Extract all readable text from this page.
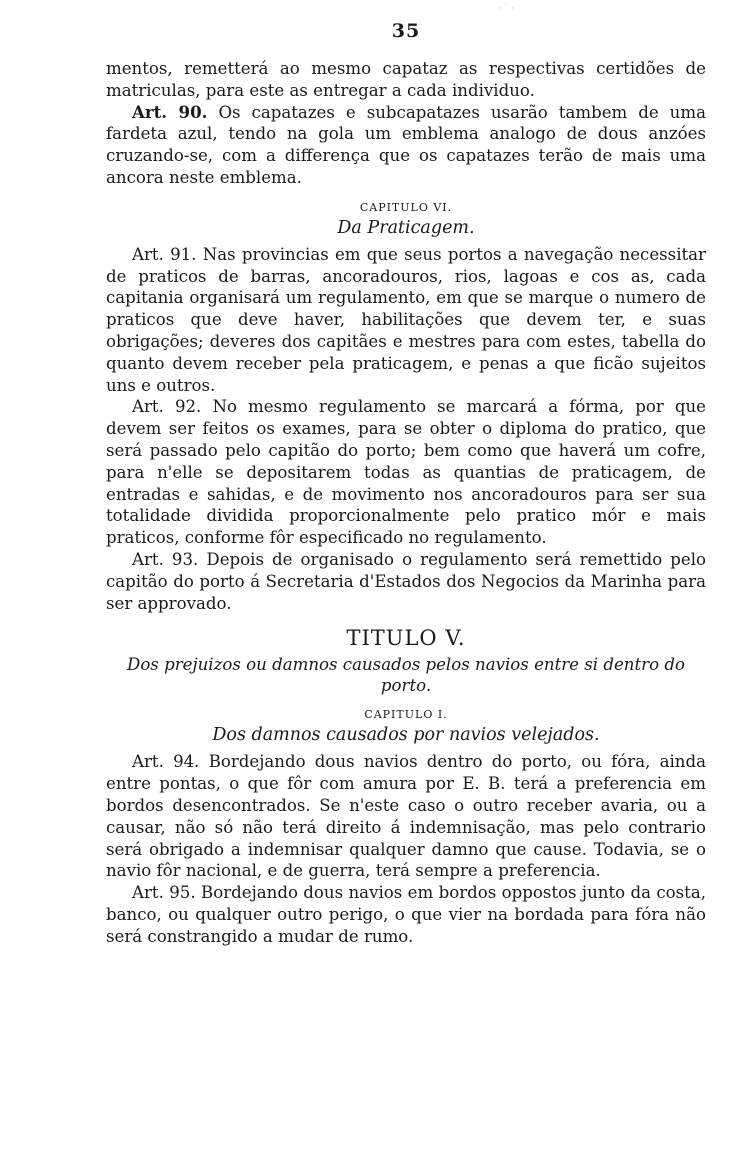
· ˙ ·
35

mentos, remetterá ao mesmo capataz as respectivas certidões de matriculas, para este as entregar a cada individuo.

Art. 90. Os capatazes e subcapatazes usarão tambem de uma fardeta azul, tendo na gola um emblema analogo de dous anzóes cruzando-se, com a differença que os capatazes terão de mais uma ancora neste emblema.

CAPITULO VI.
Da Praticagem.

Art. 91. Nas provincias em que seus portos a navegação necessitar de praticos de barras, ancoradouros, rios, lagoas e cos as, cada capitania organisará um regulamento, em que se marque o numero de praticos que deve haver, habilitações que devem ter, e suas obrigações; deveres dos capitães e mestres para com estes, tabella do quanto devem receber pela praticagem, e penas a que ficão sujeitos uns e outros.

Art. 92. No mesmo regulamento se marcará a fórma, por que devem ser feitos os exames, para se obter o diploma do pratico, que será passado pelo capitão do porto; bem como que haverá um cofre, para n'elle se depositarem todas as quantias de praticagem, de entradas e sahidas, e de movimento nos ancoradouros para ser sua totalidade dividida proporcionalmente pelo pratico mór e mais praticos, conforme fôr especificado no regulamento.

Art. 93. Depois de organisado o regulamento será remettido pelo capitão do porto á Secretaria d'Estados dos Negocios da Marinha para ser approvado.

TITULO V.
Dos prejuizos ou damnos causados pelos navios entre si dentro do porto.
CAPITULO I.
Dos damnos causados por navios velejados.

Art. 94. Bordejando dous navios dentro do porto, ou fóra, ainda entre pontas, o que fôr com amura por E. B. terá a preferencia em bordos desencontrados. Se n'este caso o outro receber avaria, ou a causar, não só não terá direito á indemnisação, mas pelo contrario será obrigado a indemnisar qualquer damno que cause. Todavia, se o navio fôr nacional, e de guerra, terá sempre a preferencia.

Art. 95. Bordejando dous navios em bordos oppostos junto da costa, banco, ou qualquer outro perigo, o que vier na bordada para fóra não será constrangido a mudar de rumo.
